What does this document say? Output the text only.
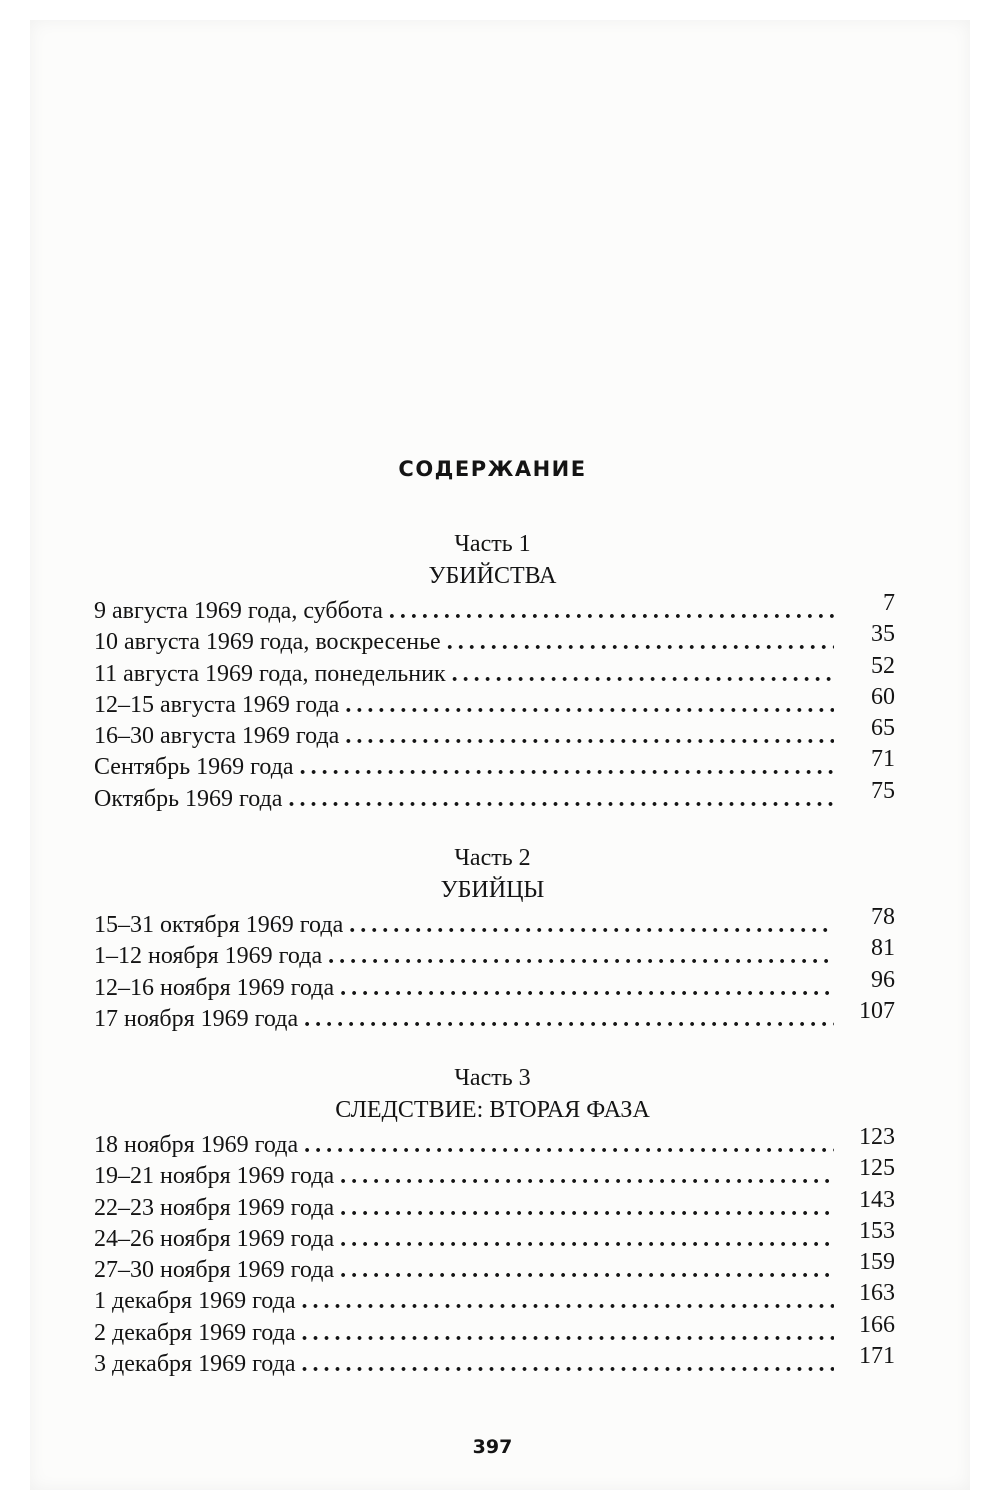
СОДЕРЖАНИЕ

Часть 1

УБИЙСТВА

9 августа 1969 года, суббота . . .	7
10 августа 1969 года, воскресенье . . .	35
11 августа 1969 года, понедельник . . .	52
12–15 августа 1969 года . . .	60
16–30 августа 1969 года . . .	65
Сентябрь 1969 года . . .	71
Октябрь 1969 года . . .	75

Часть 2

УБИЙЦЫ

15–31 октября 1969 года . . .	78
1–12 ноября 1969 года . . .	81
12–16 ноября 1969 года . . .	96
17 ноября 1969 года . . .	107

Часть 3

СЛЕДСТВИЕ: ВТОРАЯ ФАЗА

18 ноября 1969 года . . .	123
19–21 ноября 1969 года . . .	125
22–23 ноября 1969 года . . .	143
24–26 ноября 1969 года . . .	153
27–30 ноября 1969 года . . .	159
1 декабря 1969 года . . .	163
2 декабря 1969 года . . .	166
3 декабря 1969 года . . .	171

397
